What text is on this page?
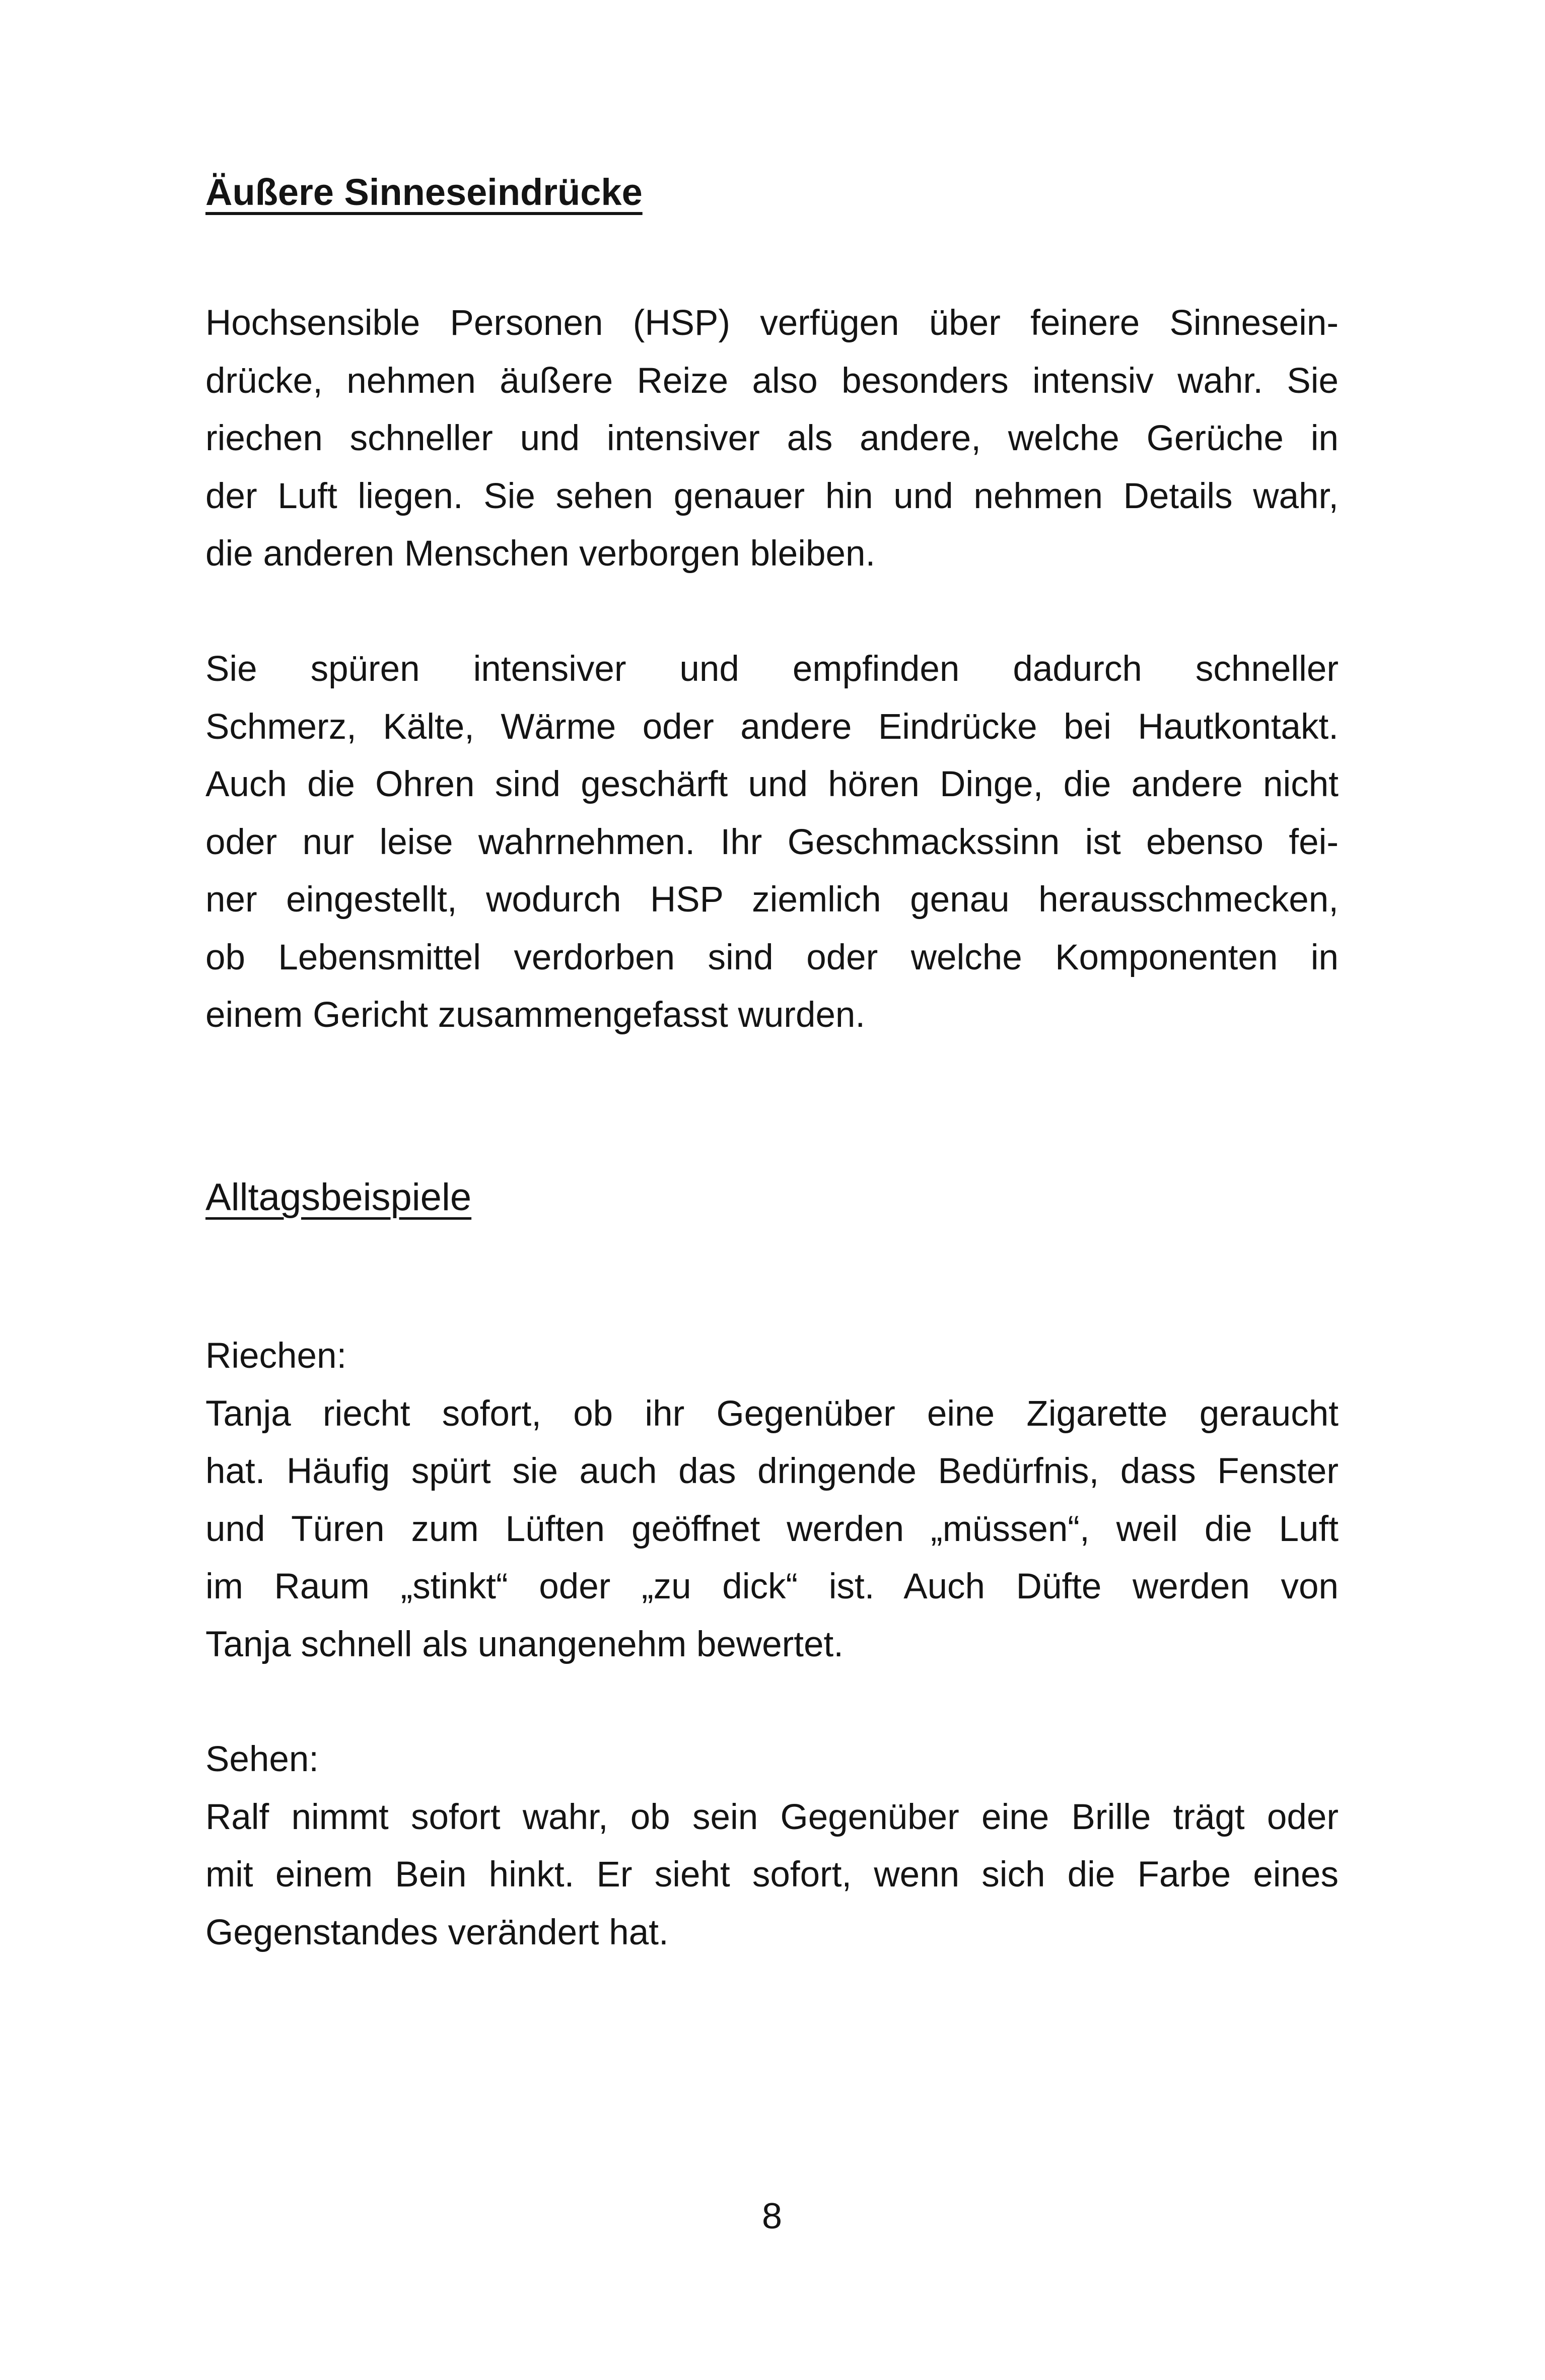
Äußere Sinneseindrücke
Hochsensible Personen (HSP) verfügen über feinere Sinnesein-
drücke, nehmen äußere Reize also besonders intensiv wahr. Sie
riechen schneller und intensiver als andere, welche Gerüche in
der Luft liegen. Sie sehen genauer hin und nehmen Details wahr,
die anderen Menschen verborgen bleiben.
Sie spüren intensiver und empfinden dadurch schneller
Schmerz, Kälte, Wärme oder andere Eindrücke bei Hautkontakt.
Auch die Ohren sind geschärft und hören Dinge, die andere nicht
oder nur leise wahrnehmen. Ihr Geschmackssinn ist ebenso fei-
ner eingestellt, wodurch HSP ziemlich genau herausschmecken,
ob Lebensmittel verdorben sind oder welche Komponenten in
einem Gericht zusammengefasst wurden.
Alltagsbeispiele
Riechen:
Tanja riecht sofort, ob ihr Gegenüber eine Zigarette geraucht
hat. Häufig spürt sie auch das dringende Bedürfnis, dass Fenster
und Türen zum Lüften geöffnet werden „müssen“, weil die Luft
im Raum „stinkt“ oder „zu dick“ ist. Auch Düfte werden von
Tanja schnell als unangenehm bewertet.
Sehen:
Ralf nimmt sofort wahr, ob sein Gegenüber eine Brille trägt oder
mit einem Bein hinkt. Er sieht sofort, wenn sich die Farbe eines
Gegenstandes verändert hat.
8
